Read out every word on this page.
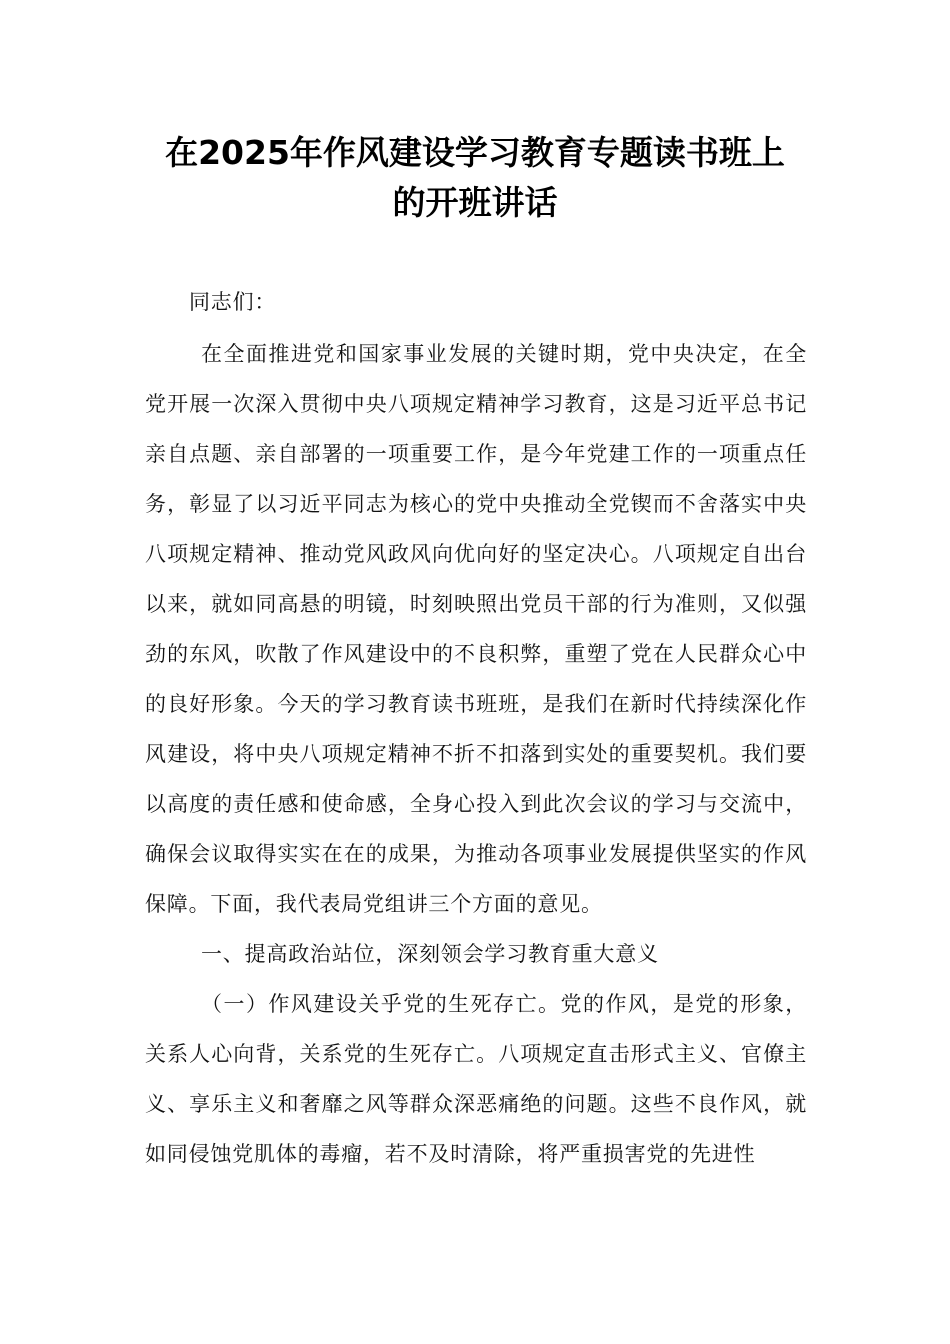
在2025年作风建设学习教育专题读书班上
的开班讲话

同志们：

在全面推进党和国家事业发展的关键时期，党中央决定，在全党开展一次深入贯彻中央八项规定精神学习教育，这是习近平总书记亲自点题、亲自部署的一项重要工作，是今年党建工作的一项重点任务，彰显了以习近平同志为核心的党中央推动全党锲而不舍落实中央八项规定精神、推动党风政风向优向好的坚定决心。八项规定自出台以来，就如同高悬的明镜，时刻映照出党员干部的行为准则，又似强劲的东风，吹散了作风建设中的不良积弊，重塑了党在人民群众心中的良好形象。今天的学习教育读书班班，是我们在新时代持续深化作风建设，将中央八项规定精神不折不扣落到实处的重要契机。我们要以高度的责任感和使命感，全身心投入到此次会议的学习与交流中，确保会议取得实实在在的成果，为推动各项事业发展提供坚实的作风保障。下面，我代表局党组讲三个方面的意见。

一、提高政治站位，深刻领会学习教育重大意义

（一）作风建设关乎党的生死存亡。党的作风，是党的形象，关系人心向背，关系党的生死存亡。八项规定直击形式主义、官僚主义、享乐主义和奢靡之风等群众深恶痛绝的问题。这些不良作风，就如同侵蚀党肌体的毒瘤，若不及时清除，将严重损害党的先进性
